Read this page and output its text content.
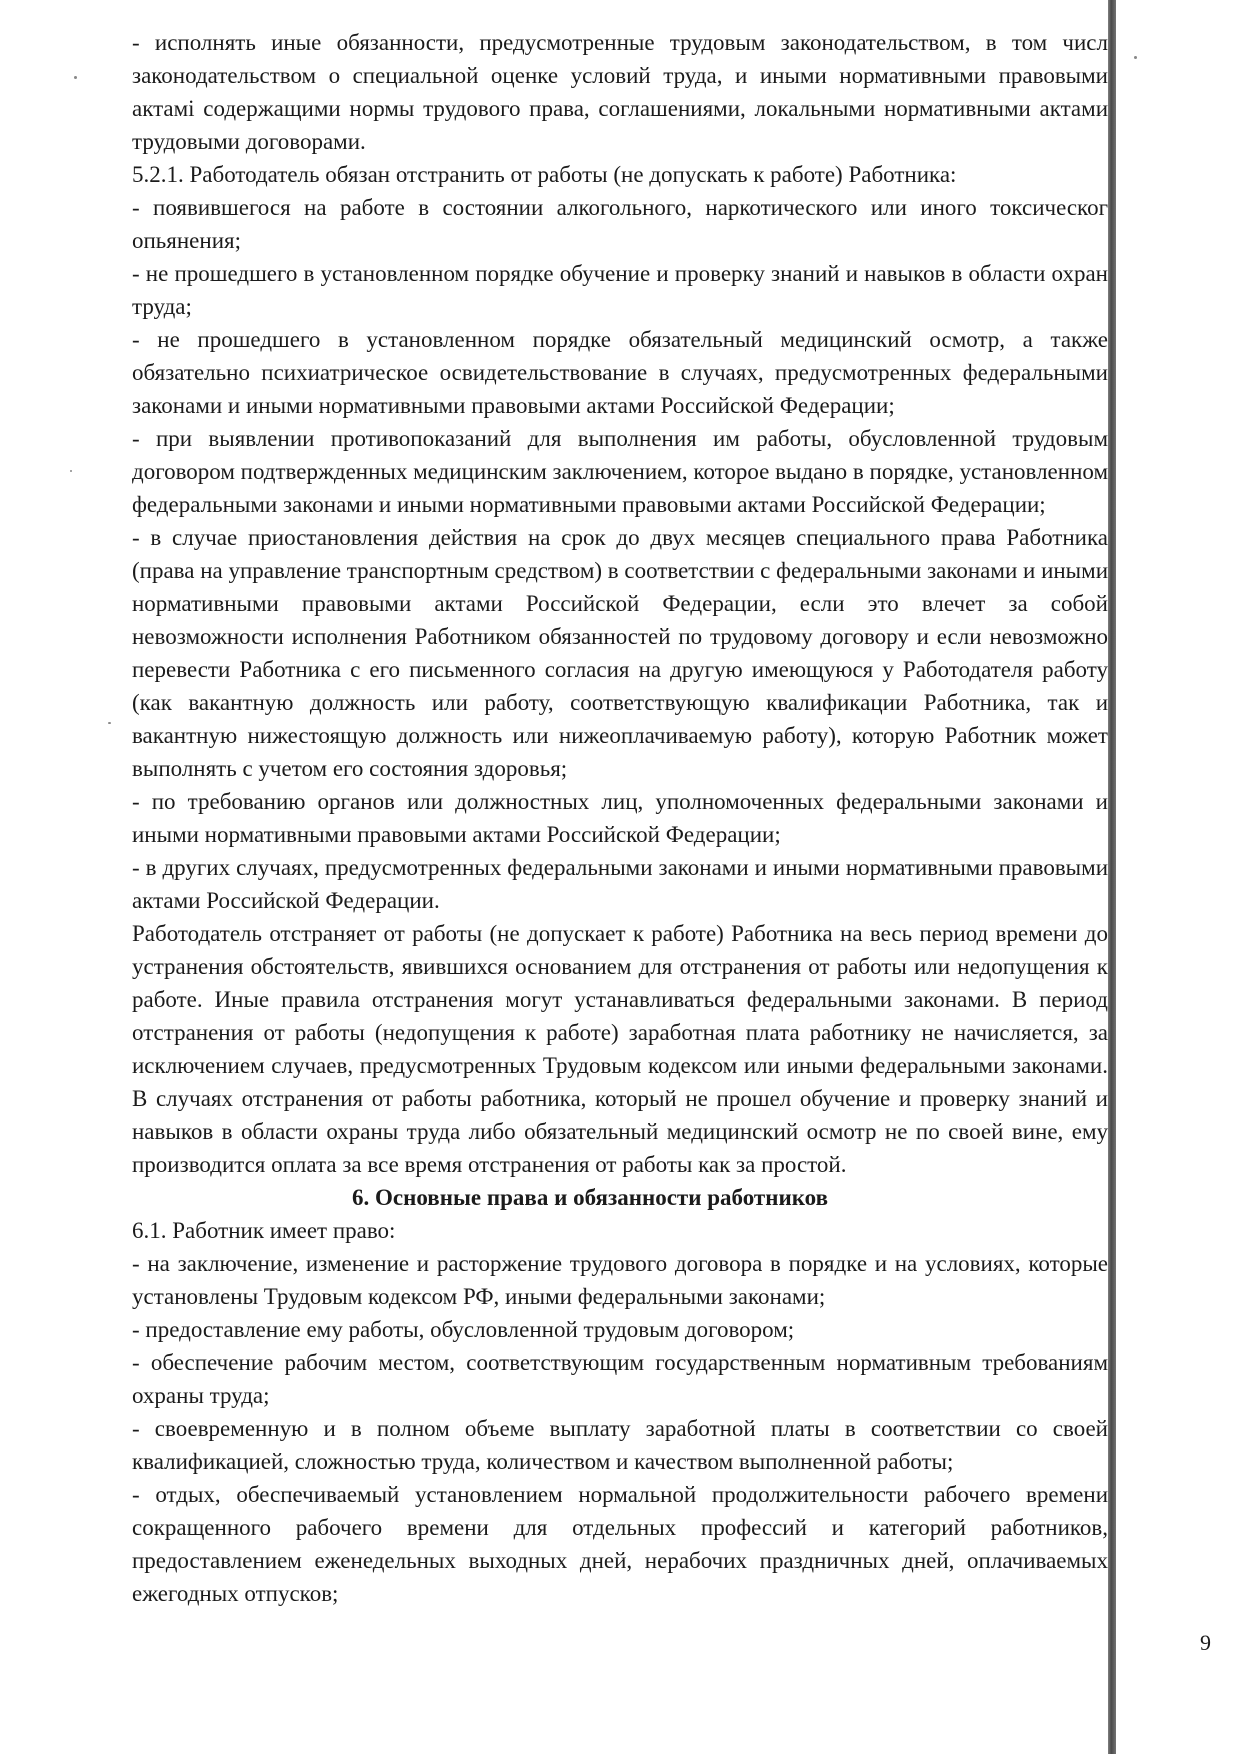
- исполнять иные обязанности, предусмотренные трудовым законодательством, в том числ законодательством о специальной оценке условий труда, и иными нормативными правовыми актамі содержащими нормы трудового права, соглашениями, локальными нормативными актами трудовыми договорами.

5.2.1. Работодатель обязан отстранить от работы (не допускать к работе) Работника:

- появившегося на работе в состоянии алкогольного, наркотического или иного токсическог опьянения;

- не прошедшего в установленном порядке обучение и проверку знаний и навыков в области охран труда;

- не прошедшего в установленном порядке обязательный медицинский осмотр, а также обязательно психиатрическое освидетельствование в случаях, предусмотренных федеральными законами и иными нормативными правовыми актами Российской Федерации;

- при выявлении противопоказаний для выполнения им работы, обусловленной трудовым договором подтвержденных медицинским заключением, которое выдано в порядке, установленном федеральными законами и иными нормативными правовыми актами Российской Федерации;

- в случае приостановления действия на срок до двух месяцев специального права Работника (права на управление транспортным средством) в соответствии с федеральными законами и иными нормативными правовыми актами Российской Федерации, если это влечет за собой невозможности исполнения Работником обязанностей по трудовому договору и если невозможно перевести Работника с его письменного согласия на другую имеющуюся у Работодателя работу (как вакантную должность или работу, соответствующую квалификации Работника, так и вакантную нижестоящую должность или нижеоплачиваемую работу), которую Работник может выполнять с учетом его состояния здоровья;

- по требованию органов или должностных лиц, уполномоченных федеральными законами и иными нормативными правовыми актами Российской Федерации;

- в других случаях, предусмотренных федеральными законами и иными нормативными правовыми актами Российской Федерации.

Работодатель отстраняет от работы (не допускает к работе) Работника на весь период времени до устранения обстоятельств, явившихся основанием для отстранения от работы или недопущения к работе. Иные правила отстранения могут устанавливаться федеральными законами. В период отстранения от работы (недопущения к работе) заработная плата работнику не начисляется, за исключением случаев, предусмотренных Трудовым кодексом или иными федеральными законами. В случаях отстранения от работы работника, который не прошел обучение и проверку знаний и навыков в области охраны труда либо обязательный медицинский осмотр не по своей вине, ему производится оплата за все время отстранения от работы как за простой.

6. Основные права и обязанности работников

6.1. Работник имеет право:

- на заключение, изменение и расторжение трудового договора в порядке и на условиях, которые установлены Трудовым кодексом РФ, иными федеральными законами;

- предоставление ему работы, обусловленной трудовым договором;

- обеспечение рабочим местом, соответствующим государственным нормативным требованиям охраны труда;

- своевременную и в полном объеме выплату заработной платы в соответствии со своей квалификацией, сложностью труда, количеством и качеством выполненной работы;

- отдых, обеспечиваемый установлением нормальной продолжительности рабочего времени сокращенного рабочего времени для отдельных профессий и категорий работников, предоставлением еженедельных выходных дней, нерабочих праздничных дней, оплачиваемых ежегодных отпусков;

9
